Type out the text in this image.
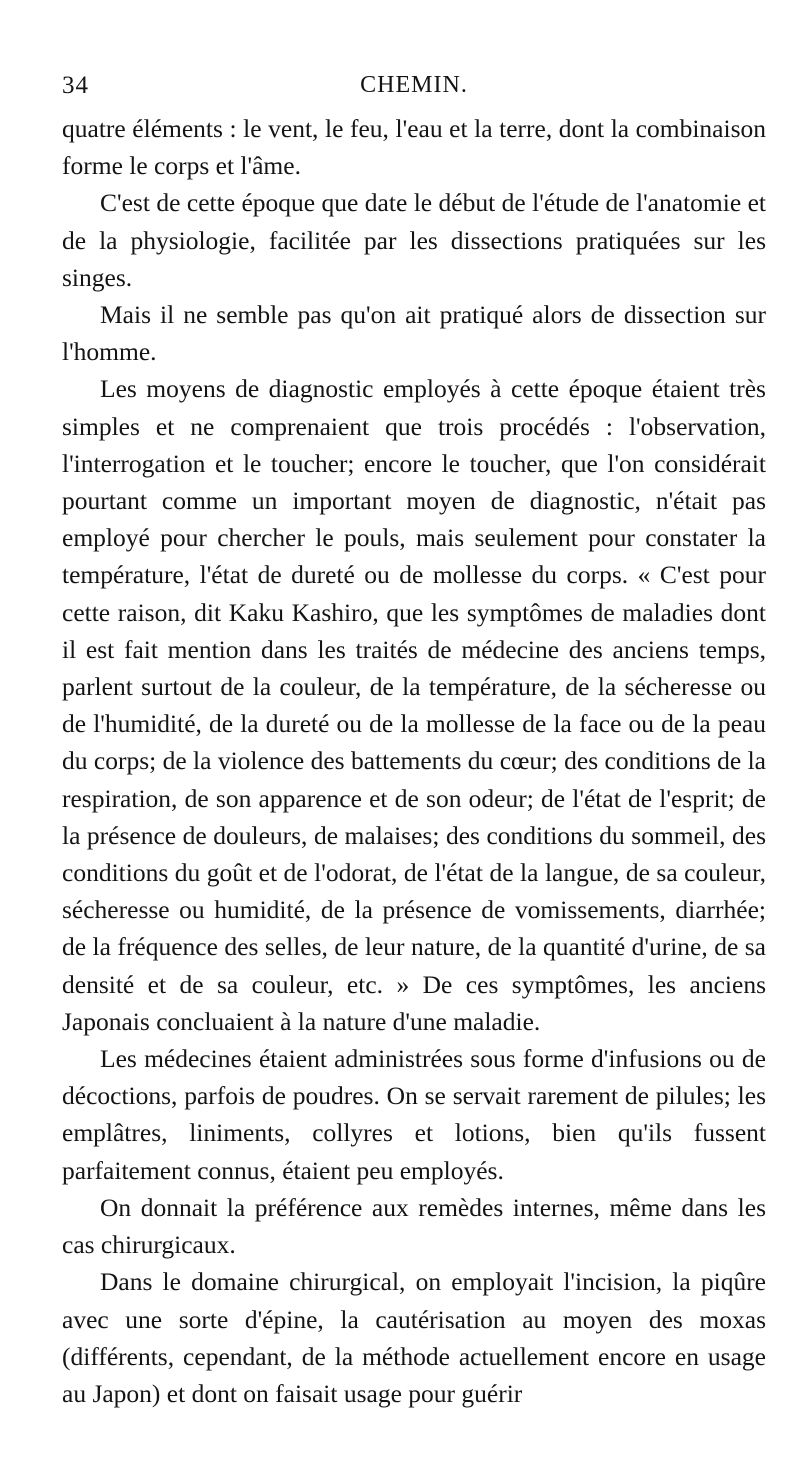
34	CHEMIN.

quatre éléments : le vent, le feu, l'eau et la terre, dont la combinaison forme le corps et l'âme.

C'est de cette époque que date le début de l'étude de l'anatomie et de la physiologie, facilitée par les dissections pratiquées sur les singes.

Mais il ne semble pas qu'on ait pratiqué alors de dissection sur l'homme.

Les moyens de diagnostic employés à cette époque étaient très simples et ne comprenaient que trois procédés : l'observation, l'interrogation et le toucher; encore le toucher, que l'on considérait pourtant comme un important moyen de diagnostic, n'était pas employé pour chercher le pouls, mais seulement pour constater la température, l'état de dureté ou de mollesse du corps. « C'est pour cette raison, dit Kaku Kashiro, que les symptômes de maladies dont il est fait mention dans les traités de médecine des anciens temps, parlent surtout de la couleur, de la température, de la sécheresse ou de l'humidité, de la dureté ou de la mollesse de la face ou de la peau du corps; de la violence des battements du cœur; des conditions de la respiration, de son apparence et de son odeur; de l'état de l'esprit; de la présence de douleurs, de malaises; des conditions du sommeil, des conditions du goût et de l'odorat, de l'état de la langue, de sa couleur, sécheresse ou humidité, de la présence de vomissements, diarrhée; de la fréquence des selles, de leur nature, de la quantité d'urine, de sa densité et de sa couleur, etc. » De ces symptômes, les anciens Japonais concluaient à la nature d'une maladie.

Les médecines étaient administrées sous forme d'infusions ou de décoctions, parfois de poudres. On se servait rarement de pilules; les emplâtres, liniments, collyres et lotions, bien qu'ils fussent parfaitement connus, étaient peu employés.

On donnait la préférence aux remèdes internes, même dans les cas chirurgicaux.

Dans le domaine chirurgical, on employait l'incision, la piqûre avec une sorte d'épine, la cautérisation au moyen des moxas (différents, cependant, de la méthode actuellement encore en usage au Japon) et dont on faisait usage pour guérir
